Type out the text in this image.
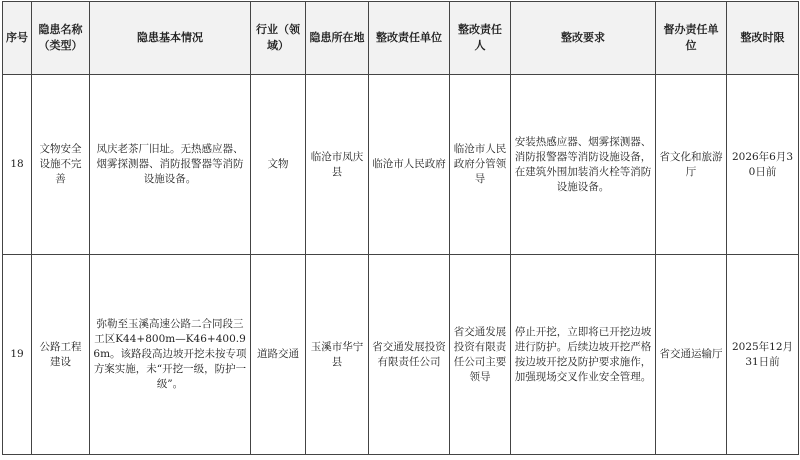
序号	隐患名称（类型）	隐患基本情况	行业（领域）	隐患所在地	整改责任单位	整改责任人	整改要求	督办责任单位	整改时限
18	文物安全设施不完善	凤庆老茶厂旧址。无热感应器、烟雾探测器、消防报警器等消防设施设备。	文物	临沧市凤庆县	临沧市人民政府	临沧市人民政府分管领导	安装热感应器、烟雾探测器、消防报警器等消防设施设备，在建筑外围加装消火栓等消防设施设备。	省文化和旅游厅	2026年6月30日前
19	公路工程建设	弥勒至玉溪高速公路二合同段三工区K44+800m—K46+400.96m。该路段高边坡开挖未按专项方案实施，未“开挖一级，防护一级”。	道路交通	玉溪市华宁县	省交通发展投资有限责任公司	省交通发展投资有限责任公司主要领导	停止开挖，立即将已开挖边坡进行防护。后续边坡开挖严格按边坡开挖及防护要求施作，加强现场交叉作业安全管理。	省交通运输厅	2025年12月31日前
